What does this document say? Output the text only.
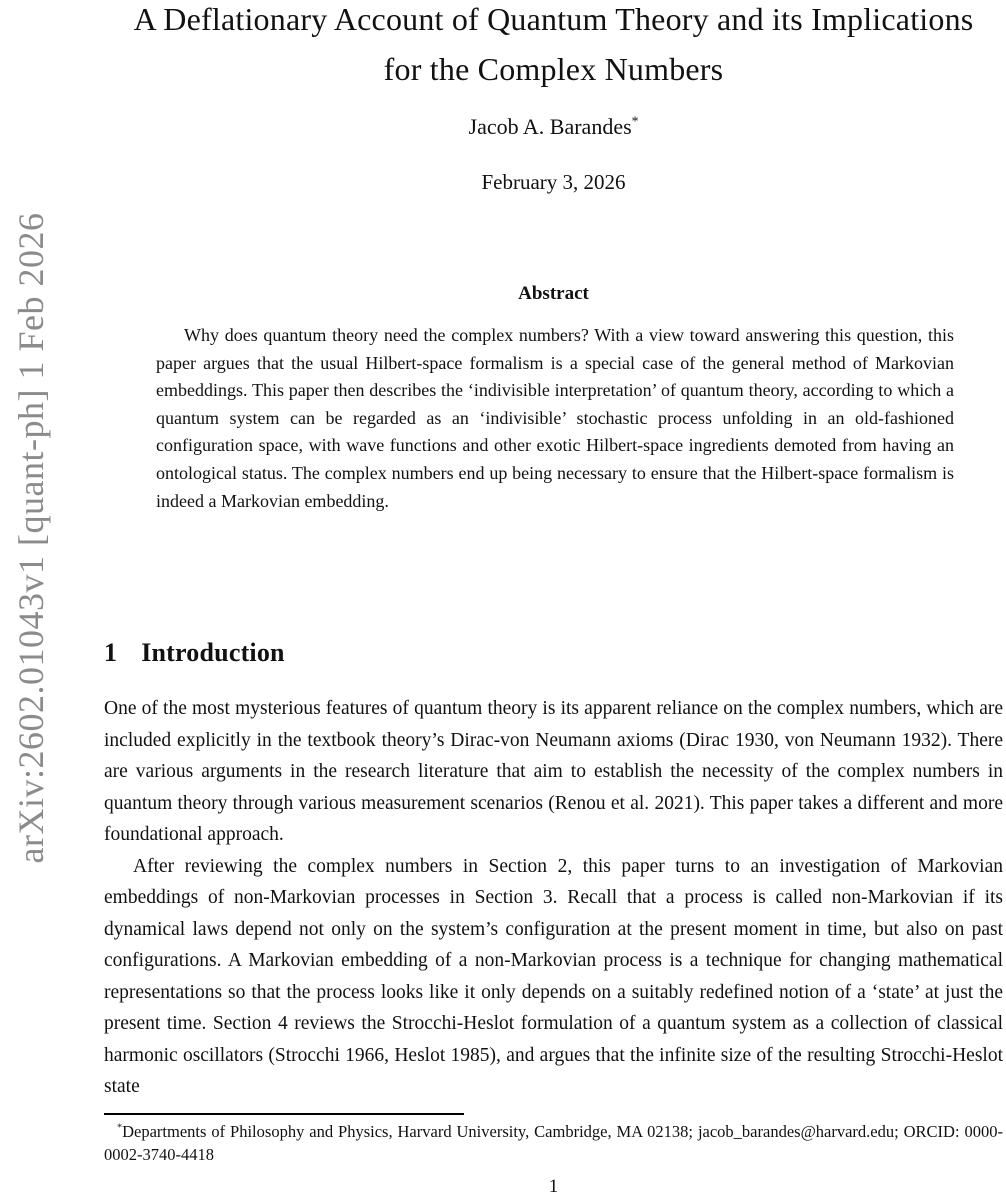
arXiv:2602.01043v1 [quant-ph] 1 Feb 2026
A Deflationary Account of Quantum Theory and its Implications
for the Complex Numbers
Jacob A. Barandes*
February 3, 2026
Abstract

Why does quantum theory need the complex numbers? With a view toward answering this question, this paper argues that the usual Hilbert-space formalism is a special case of the general method of Markovian embeddings. This paper then describes the ‘indivisible interpretation’ of quantum theory, according to which a quantum system can be regarded as an ‘indivisible’ stochastic process unfolding in an old-fashioned configuration space, with wave functions and other exotic Hilbert-space ingredients demoted from having an ontological status. The complex numbers end up being necessary to ensure that the Hilbert-space formalism is indeed a Markovian embedding.

1 Introduction

One of the most mysterious features of quantum theory is its apparent reliance on the complex numbers, which are included explicitly in the textbook theory’s Dirac-von Neumann axioms (Dirac 1930, von Neumann 1932). There are various arguments in the research literature that aim to establish the necessity of the complex numbers in quantum theory through various measurement scenarios (Renou et al. 2021). This paper takes a different and more foundational approach.

After reviewing the complex numbers in Section 2, this paper turns to an investigation of Markovian embeddings of non-Markovian processes in Section 3. Recall that a process is called non-Markovian if its dynamical laws depend not only on the system’s configuration at the present moment in time, but also on past configurations. A Markovian embedding of a non-Markovian process is a technique for changing mathematical representations so that the process looks like it only depends on a suitably redefined notion of a ‘state’ at just the present time. Section 4 reviews the Strocchi-Heslot formulation of a quantum system as a collection of classical harmonic oscillators (Strocchi 1966, Heslot 1985), and argues that the infinite size of the resulting Strocchi-Heslot state

*Departments of Philosophy and Physics, Harvard University, Cambridge, MA 02138; jacob_barandes@harvard.edu; ORCID: 0000-0002-3740-4418
1
